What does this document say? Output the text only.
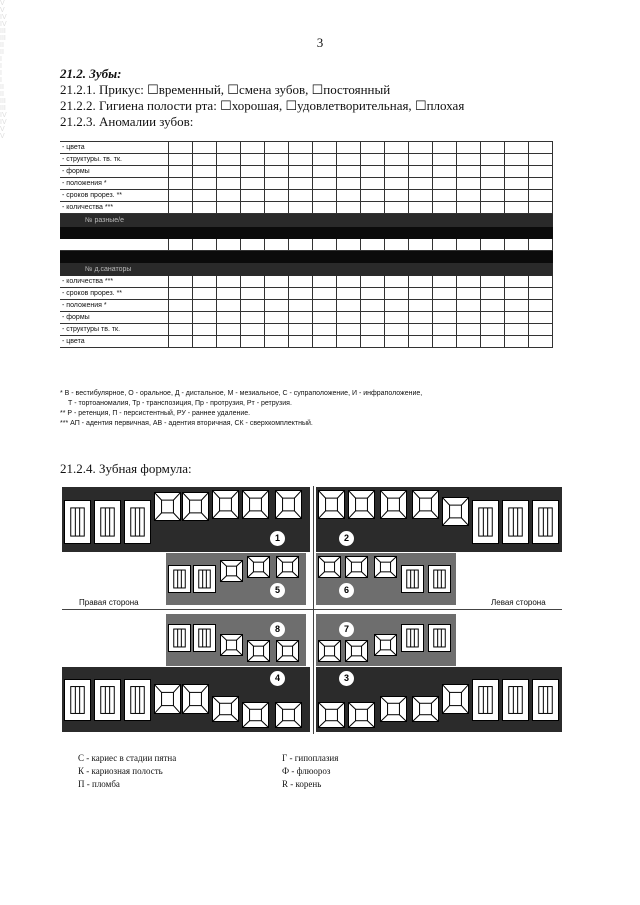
3
21.2. Зубы:
21.2.1. Прикус: ☐временный, ☐смена зубов, ☐постоянный
21.2.2. Гигиена полости рта: ☐хорошая, ☐удовлетворительная, ☐плохая
21.2.3. Аномалии зубов:
- цвета																
- структуры. тв. тк.																
- формы																
- положения *																
- сроков прорез. **																
- количества ***																
№ разные/е																

№ д.санаторы																
- количества ***																
- сроков прорез. **																
- положения *																
- формы																
- структуры тв. тк.																
- цвета																
* В - вестибулярное, О - оральное, Д - дистальное, М - мезиальное, С - супраположение, И - инфраположение,
Т - тортоаномалия, Тр - транспозиция, Пр - протрузия, Рт - ретрузия.
** Р - ретенция, П - персистентный, РУ - раннее удаление.
*** АП - адентия первичная, АВ - адентия вторичная, СК - сверхкомплектный.
21.2.4. Зубная формула:
Правая сторона	Левая сторона
V
V
IV
IV
III
III
II
II
I
I
I
I
II
II
III
III
IV
IV
V
V
1	2
5	6
8	7
4	3
С - кариес в стадии пятна
К - кариозная полость
П - пломба
Г - гипоплазия
Ф - флюороз
R - корень
